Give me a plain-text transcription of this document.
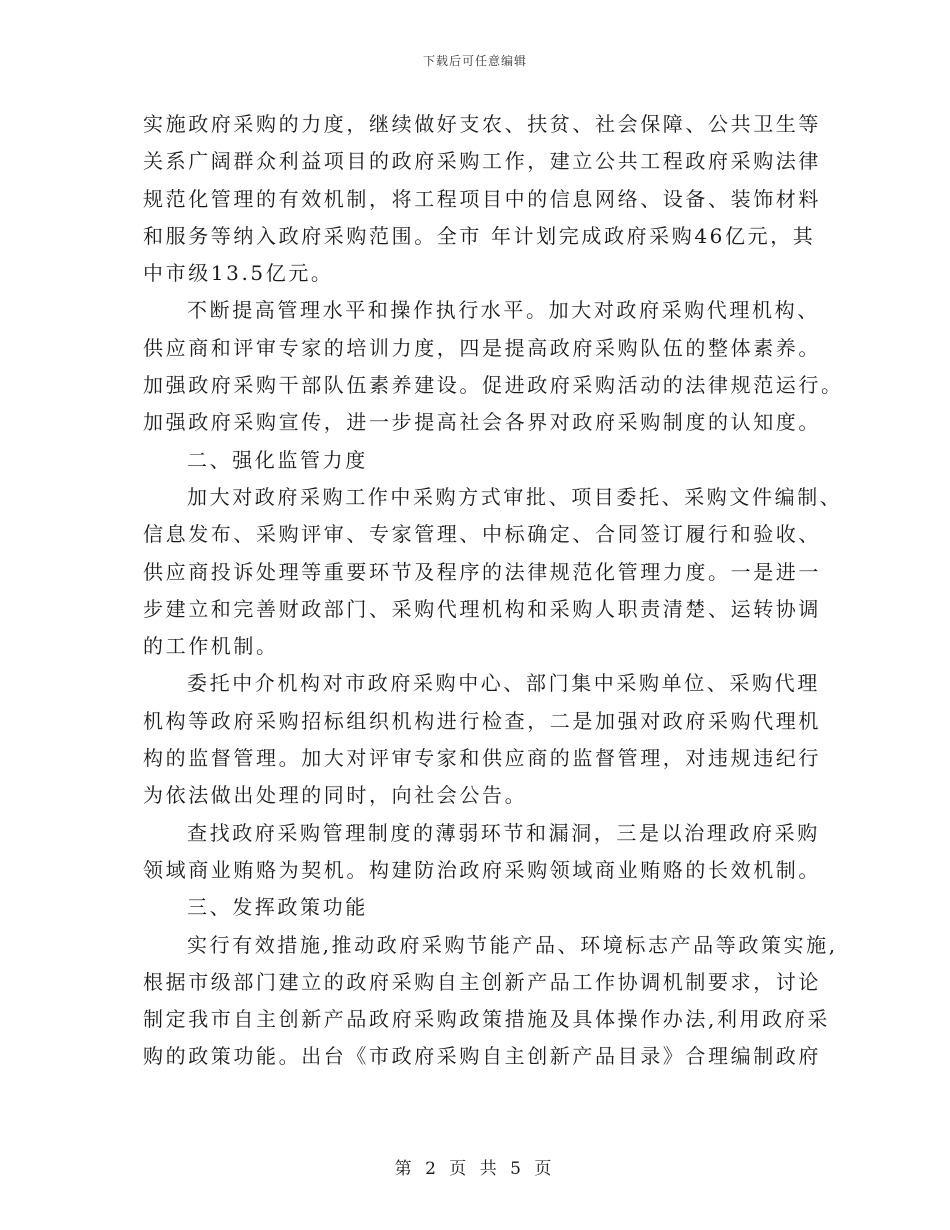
下载后可任意编辑
实施政府采购的力度，继续做好支农、扶贫、社会保障、公共卫生等
关系广阔群众利益项目的政府采购工作，建立公共工程政府采购法律
规范化管理的有效机制，将工程项目中的信息网络、设备、装饰材料
和服务等纳入政府采购范围。全市 年计划完成政府采购46亿元，其
中市级13.5亿元。
不断提高管理水平和操作执行水平。加大对政府采购代理机构、
供应商和评审专家的培训力度，四是提高政府采购队伍的整体素养。
加强政府采购干部队伍素养建设。促进政府采购活动的法律规范运行。
加强政府采购宣传，进一步提高社会各界对政府采购制度的认知度。
二、强化监管力度
加大对政府采购工作中采购方式审批、项目委托、采购文件编制、
信息发布、采购评审、专家管理、中标确定、合同签订履行和验收、
供应商投诉处理等重要环节及程序的法律规范化管理力度。一是进一
步建立和完善财政部门、采购代理机构和采购人职责清楚、运转协调
的工作机制。
委托中介机构对市政府采购中心、部门集中采购单位、采购代理
机构等政府采购招标组织机构进行检查，二是加强对政府采购代理机
构的监督管理。加大对评审专家和供应商的监督管理，对违规违纪行
为依法做出处理的同时，向社会公告。
查找政府采购管理制度的薄弱环节和漏洞，三是以治理政府采购
领域商业贿赂为契机。构建防治政府采购领域商业贿赂的长效机制。
三、发挥政策功能
实行有效措施,推动政府采购节能产品、环境标志产品等政策实施,
根据市级部门建立的政府采购自主创新产品工作协调机制要求，讨论
制定我市自主创新产品政府采购政策措施及具体操作办法,利用政府采
购的政策功能。出台《市政府采购自主创新产品目录》合理编制政府
第 2 页 共 5 页
